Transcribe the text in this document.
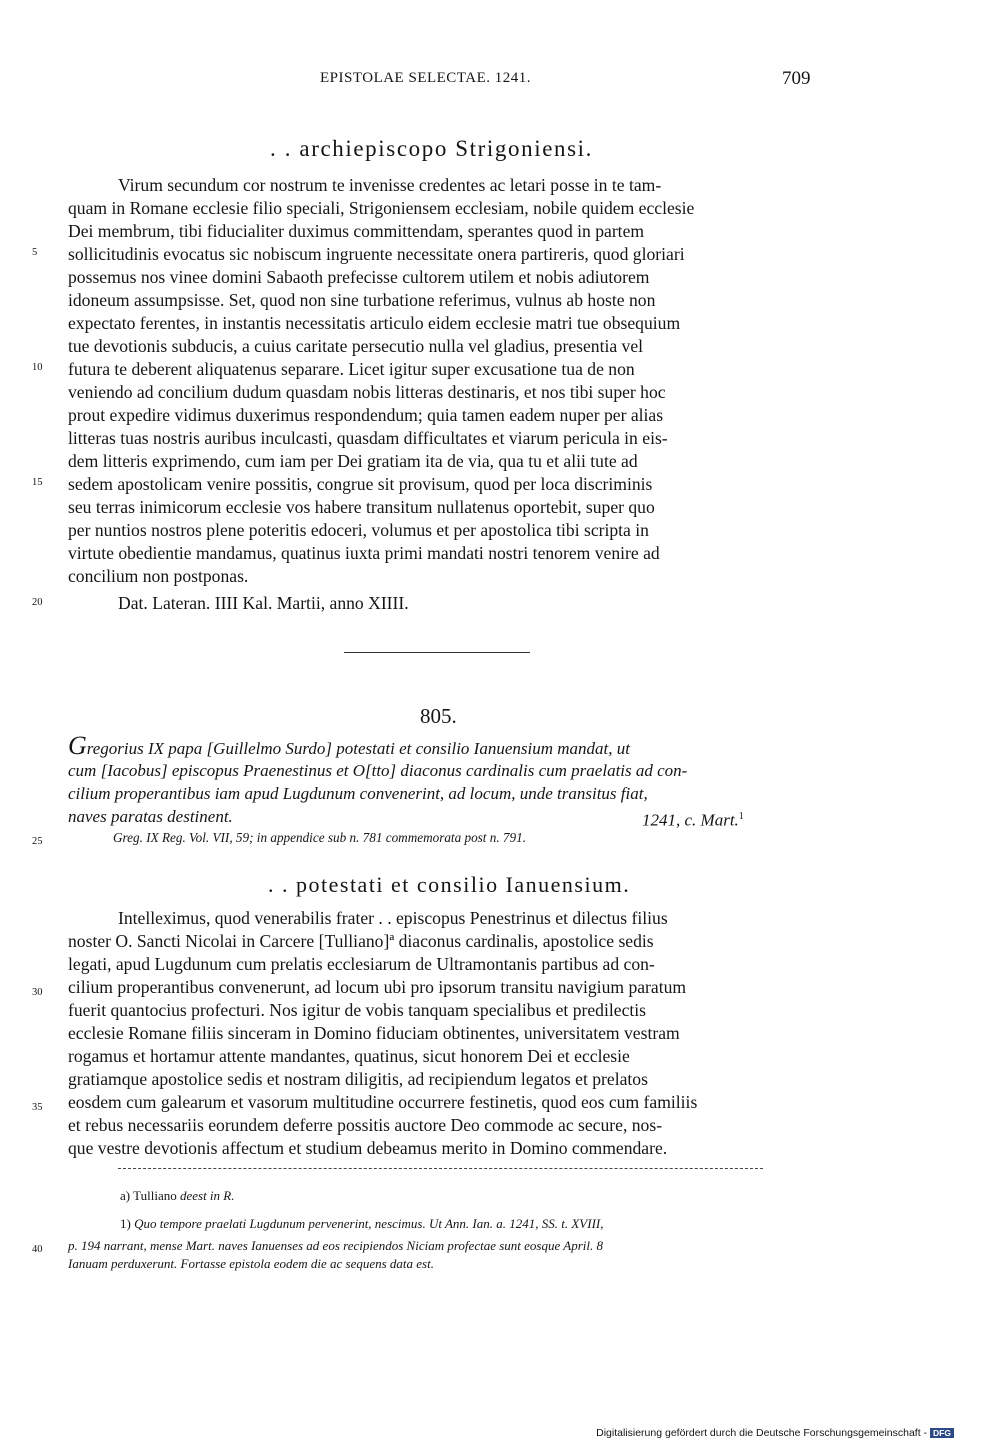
EPISTOLAE SELECTAE. 1241.	709
. . archiepiscopo Strigoniensi.
Virum secundum cor nostrum te invenisse credentes ac letari posse in te tam-
quam in Romane ecclesie filio speciali, Strigoniensem ecclesiam, nobile quidem ecclesie
Dei membrum, tibi fiducialiter duximus committendam, sperantes quod in partem
sollicitudinis evocatus sic nobiscum ingruente necessitate onera partireris, quod gloriari
possemus nos vinee domini Sabaoth prefecisse cultorem utilem et nobis adiutorem
idoneum assumpsisse. Set, quod non sine turbatione referimus, vulnus ab hoste non
expectato ferentes, in instantis necessitatis articulo eidem ecclesie matri tue obsequium
tue devotionis subducis, a cuius caritate persecutio nulla vel gladius, presentia vel
futura te deberent aliquatenus separare. Licet igitur super excusatione tua de non
veniendo ad concilium dudum quasdam nobis litteras destinaris, et nos tibi super hoc
prout expedire vidimus duxerimus respondendum; quia tamen eadem nuper per alias
litteras tuas nostris auribus inculcasti, quasdam difficultates et viarum pericula in eis-
dem litteris exprimendo, cum iam per Dei gratiam ita de via, qua tu et alii tute ad
sedem apostolicam venire possitis, congrue sit provisum, quod per loca discriminis
seu terras inimicorum ecclesie vos habere transitum nullatenus oportebit, super quo
per nuntios nostros plene poteritis edoceri, volumus et per apostolica tibi scripta in
virtute obedientie mandamus, quatinus iuxta primi mandati nostri tenorem venire ad
concilium non postponas.
Dat. Lateran. IIII Kal. Martii, anno XIIII.
5
10
15
20
25
30
35
40
805.
Gregorius IX papa [Guillelmo Surdo] potestati et consilio Ianuensium mandat, ut
cum [Iacobus] episcopus Praenestinus et O[tto] diaconus cardinalis cum praelatis ad con-
cilium properantibus iam apud Lugdunum convenerint, ad locum, unde transitus fiat,
naves paratas destinent.	1241, c. Mart.$^1$
Greg. IX Reg. Vol. VII, 59; in appendice sub n. 781 commemorata post n. 791.
. . potestati et consilio Ianuensium.
Intelleximus, quod venerabilis frater . . episcopus Penestrinus et dilectus filius
noster O. Sancti Nicolai in Carcere [Tulliano]ª diaconus cardinalis, apostolice sedis
legati, apud Lugdunum cum prelatis ecclesiarum de Ultramontanis partibus ad con-
cilium properantibus convenerunt, ad locum ubi pro ipsorum transitu navigium paratum
fuerit quantocius profecturi. Nos igitur de vobis tanquam specialibus et predilectis
ecclesie Romane filiis sinceram in Domino fiduciam obtinentes, universitatem vestram
rogamus et hortamur attente mandantes, quatinus, sicut honorem Dei et ecclesie
gratiamque apostolice sedis et nostram diligitis, ad recipiendum legatos et prelatos
eosdem cum galearum et vasorum multitudine occurrere festinetis, quod eos cum familiis
et rebus necessariis eorundem deferre possitis auctore Deo commode ac secure, nos-
que vestre devotionis affectum et studium debeamus merito in Domino commendare.
a) Tulliano deest in R.
1) Quo tempore praelati Lugdunum pervenerint, nescimus. Ut Ann. Ian. a. 1241, SS. t. XVIII,
p. 194 narrant, mense Mart. naves Ianuenses ad eos recipiendos Niciam profectae sunt eosque April. 8
Ianuam perduxerunt. Fortasse epistola eodem die ac sequens data est.
Digitalisierung gefördert durch die Deutsche Forschungsgemeinschaft - DFG
